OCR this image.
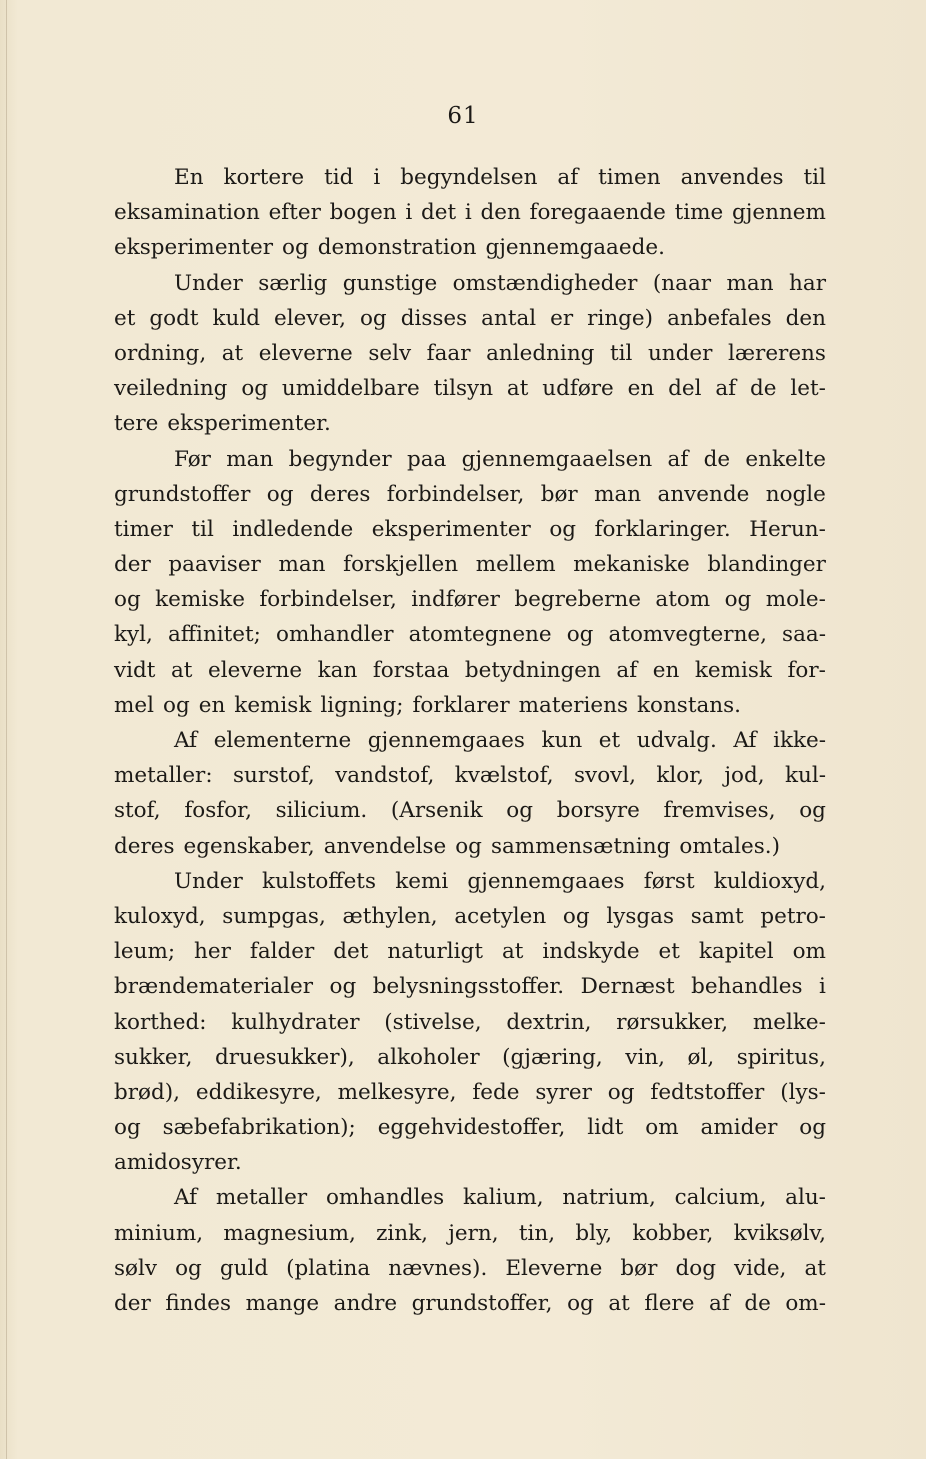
61
En kortere tid i begyndelsen af timen anvendes til
eksamination efter bogen i det i den foregaaende time gjennem
eksperimenter og demonstration gjennemgaaede.
Under særlig gunstige omstændigheder (naar man har
et godt kuld elever, og disses antal er ringe) anbefales den
ordning, at eleverne selv faar anledning til under lærerens
veiledning og umiddelbare tilsyn at udføre en del af de let-
tere eksperimenter.
Før man begynder paa gjennemgaaelsen af de enkelte
grundstoffer og deres forbindelser, bør man anvende nogle
timer til indledende eksperimenter og forklaringer. Herun-
der paaviser man forskjellen mellem mekaniske blandinger
og kemiske forbindelser, indfører begreberne atom og mole-
kyl, affinitet; omhandler atomtegnene og atomvegterne, saa-
vidt at eleverne kan forstaa betydningen af en kemisk for-
mel og en kemisk ligning; forklarer materiens konstans.
Af elementerne gjennemgaaes kun et udvalg. Af ikke-
metaller: surstof, vandstof, kvælstof, svovl, klor, jod, kul-
stof, fosfor, silicium. (Arsenik og borsyre fremvises, og
deres egenskaber, anvendelse og sammensætning omtales.)
Under kulstoffets kemi gjennemgaaes først kuldioxyd,
kuloxyd, sumpgas, æthylen, acetylen og lysgas samt petro-
leum; her falder det naturligt at indskyde et kapitel om
brændematerialer og belysningsstoffer. Dernæst behandles i
korthed: kulhydrater (stivelse, dextrin, rørsukker, melke-
sukker, druesukker), alkoholer (gjæring, vin, øl, spiritus,
brød), eddikesyre, melkesyre, fede syrer og fedtstoffer (lys-
og sæbefabrikation); eggehvidestoffer, lidt om amider og
amidosyrer.
Af metaller omhandles kalium, natrium, calcium, alu-
minium, magnesium, zink, jern, tin, bly, kobber, kviksølv,
sølv og guld (platina nævnes). Eleverne bør dog vide, at
der findes mange andre grundstoffer, og at flere af de om-
